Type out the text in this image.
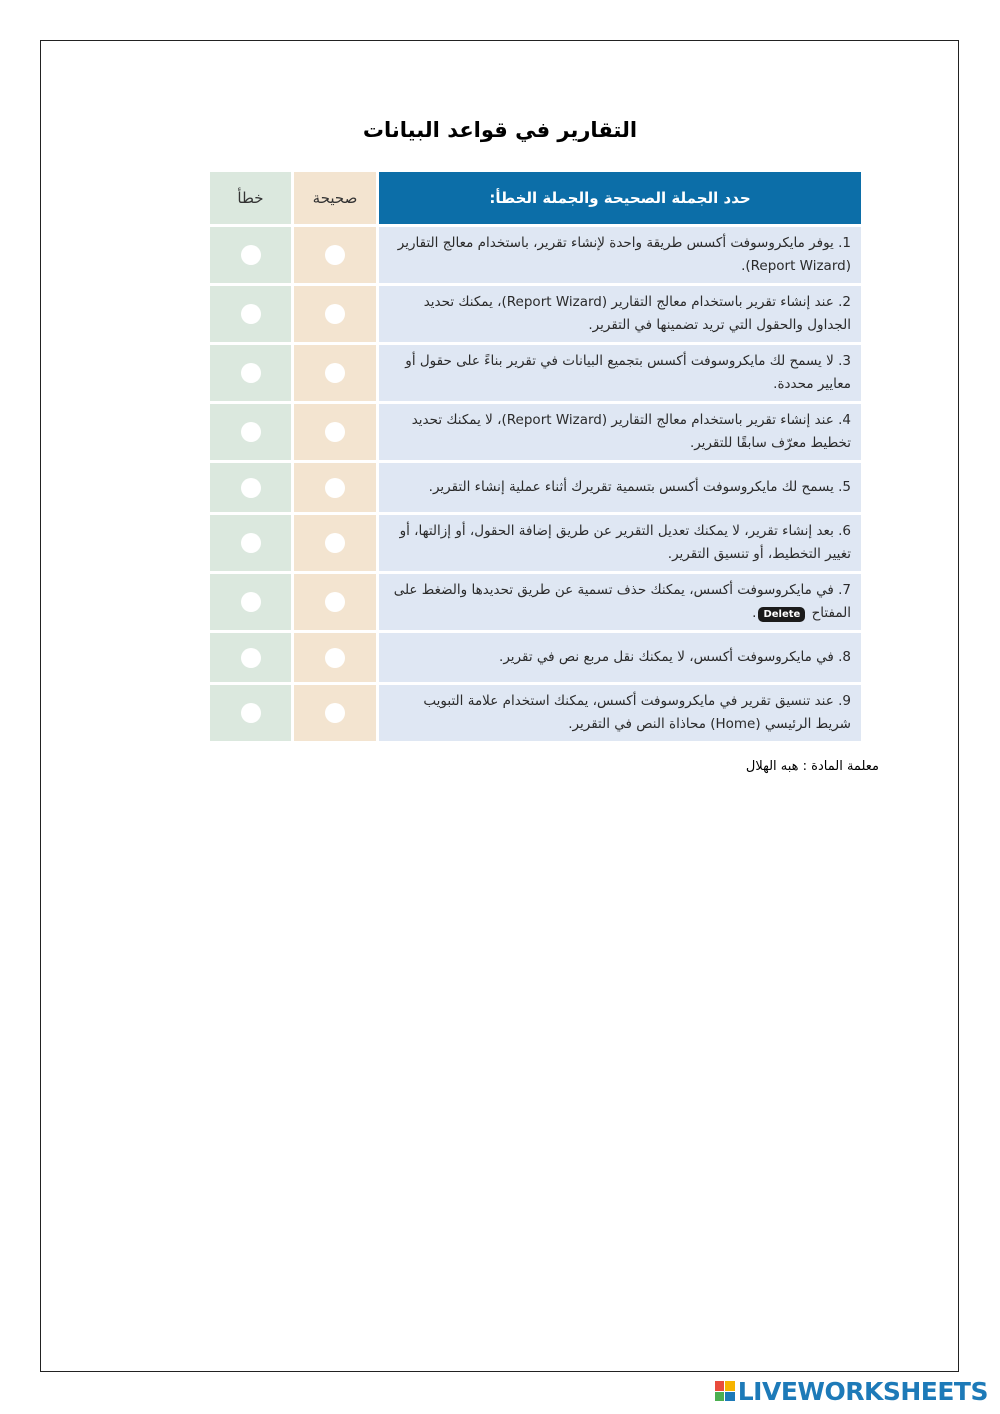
التقارير في قواعد البيانات
حدد الجملة الصحيحة والجملة الخطأ:
صحيحة
خطأ
1. يوفر مايكروسوفت أكسس طريقة واحدة لإنشاء تقرير، باستخدام معالج التقارير (Report Wizard).
2. عند إنشاء تقرير باستخدام معالج التقارير (Report Wizard)، يمكنك تحديد الجداول والحقول التي تريد تضمينها في التقرير.
3. لا يسمح لك مايكروسوفت أكسس بتجميع البيانات في تقرير بناءً على حقول أو معايير محددة.
4. عند إنشاء تقرير باستخدام معالج التقارير (Report Wizard)، لا يمكنك تحديد تخطيط معرّف سابقًا للتقرير.
5. يسمح لك مايكروسوفت أكسس بتسمية تقريرك أثناء عملية إنشاء التقرير.
6. بعد إنشاء تقرير، لا يمكنك تعديل التقرير عن طريق إضافة الحقول، أو إزالتها، أو تغيير التخطيط، أو تنسيق التقرير.
7. في مايكروسوفت أكسس، يمكنك حذف تسمية عن طريق تحديدها والضغط على المفتاح Delete.
8. في مايكروسوفت أكسس، لا يمكنك نقل مربع نص في تقرير.
9. عند تنسيق تقرير في مايكروسوفت أكسس، يمكنك استخدام علامة التبويب شريط الرئيسي (Home) محاذاة النص في التقرير.
معلمة المادة : هبه الهلال
LIVEWORKSHEETS
